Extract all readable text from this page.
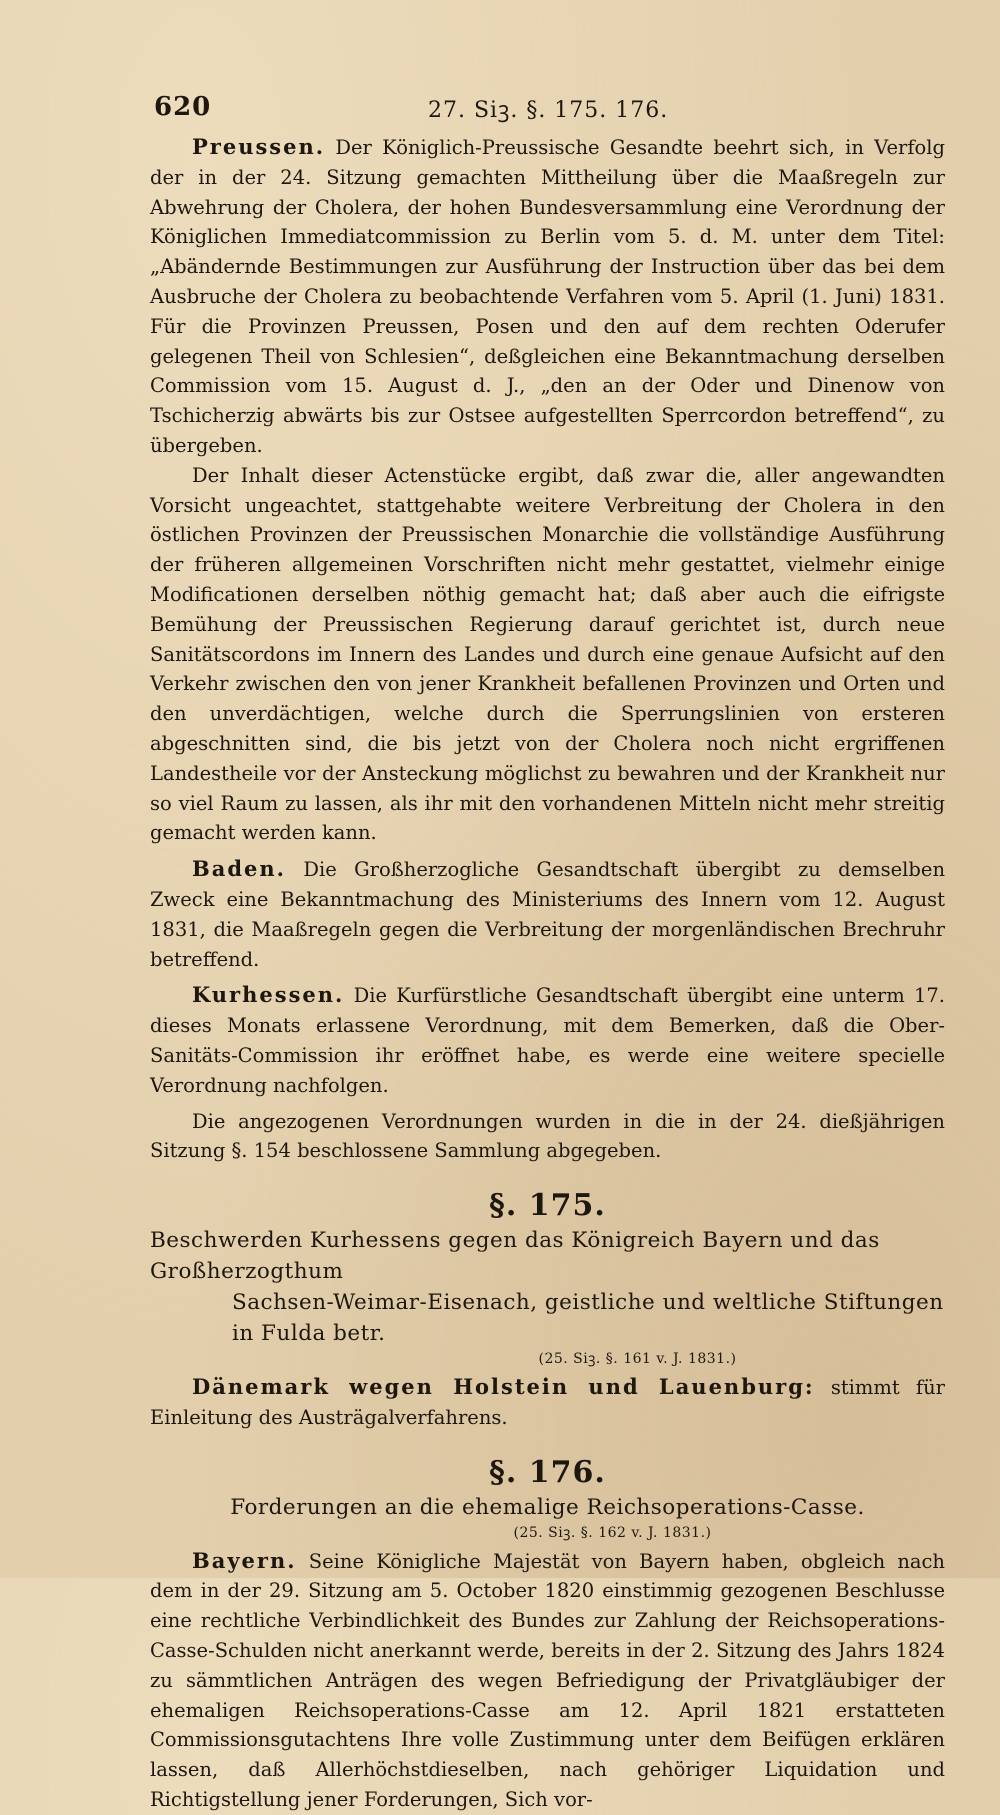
620	27. Siꝫ. §. 175. 176.

Preussen. Der Königlich-Preussische Gesandte beehrt sich, in Verfolg der in der 24. Sitzung gemachten Mittheilung über die Maaßregeln zur Abwehrung der Cholera, der hohen Bundesversammlung eine Verordnung der Königlichen Immediatcommission zu Berlin vom 5. d. M. unter dem Titel: „Abändernde Bestimmungen zur Ausführung der Instruction über das bei dem Ausbruche der Cholera zu beobachtende Verfahren vom 5. April (1. Juni) 1831. Für die Provinzen Preussen, Posen und den auf dem rechten Oderufer gelegenen Theil von Schlesien“, deßgleichen eine Bekanntmachung derselben Commission vom 15. August d. J., „den an der Oder und Dinenow von Tschicherzig abwärts bis zur Ostsee aufgestellten Sperrcordon betreffend“, zu übergeben.

Der Inhalt dieser Actenstücke ergibt, daß zwar die, aller angewandten Vorsicht ungeachtet, stattgehabte weitere Verbreitung der Cholera in den östlichen Provinzen der Preussischen Monarchie die vollständige Ausführung der früheren allgemeinen Vorschriften nicht mehr gestattet, vielmehr einige Modificationen derselben nöthig gemacht hat; daß aber auch die eifrigste Bemühung der Preussischen Regierung darauf gerichtet ist, durch neue Sanitätscordons im Innern des Landes und durch eine genaue Aufsicht auf den Verkehr zwischen den von jener Krankheit befallenen Provinzen und Orten und den unverdächtigen, welche durch die Sperrungslinien von ersteren abgeschnitten sind, die bis jetzt von der Cholera noch nicht ergriffenen Landestheile vor der Ansteckung möglichst zu bewahren und der Krankheit nur so viel Raum zu lassen, als ihr mit den vorhandenen Mitteln nicht mehr streitig gemacht werden kann.

Baden. Die Großherzogliche Gesandtschaft übergibt zu demselben Zweck eine Bekanntmachung des Ministeriums des Innern vom 12. August 1831, die Maaßregeln gegen die Verbreitung der morgenländischen Brechruhr betreffend.

Kurhessen. Die Kurfürstliche Gesandtschaft übergibt eine unterm 17. dieses Monats erlassene Verordnung, mit dem Bemerken, daß die Ober-Sanitäts-Commission ihr eröffnet habe, es werde eine weitere specielle Verordnung nachfolgen.

Die angezogenen Verordnungen wurden in die in der 24. dießjährigen Sitzung §. 154 beschlossene Sammlung abgegeben.

§. 175.

Beschwerden Kurhessens gegen das Königreich Bayern und das Großherzogthum

Sachsen-Weimar-Eisenach, geistliche und weltliche Stiftungen in Fulda betr.

(25. Siꝫ. §. 161 v. J. 1831.)

Dänemark wegen Holstein und Lauenburg: stimmt für Einleitung des Austrägalverfahrens.

§. 176.

Forderungen an die ehemalige Reichsoperations-Casse.

(25. Siꝫ. §. 162 v. J. 1831.)

Bayern. Seine Königliche Majestät von Bayern haben, obgleich nach dem in der 29. Sitzung am 5. October 1820 einstimmig gezogenen Beschlusse eine rechtliche Verbindlichkeit des Bundes zur Zahlung der Reichsoperations-Casse-Schulden nicht anerkannt werde, bereits in der 2. Sitzung des Jahrs 1824 zu sämmtlichen Anträgen des wegen Befriedigung der Privatgläubiger der ehemaligen Reichsoperations-Casse am 12. April 1821 erstatteten Commissionsgutachtens Ihre volle Zustimmung unter dem Beifügen erklären lassen, daß Allerhöchstdieselben, nach gehöriger Liquidation und Richtigstellung jener Forderungen, Sich vor-
